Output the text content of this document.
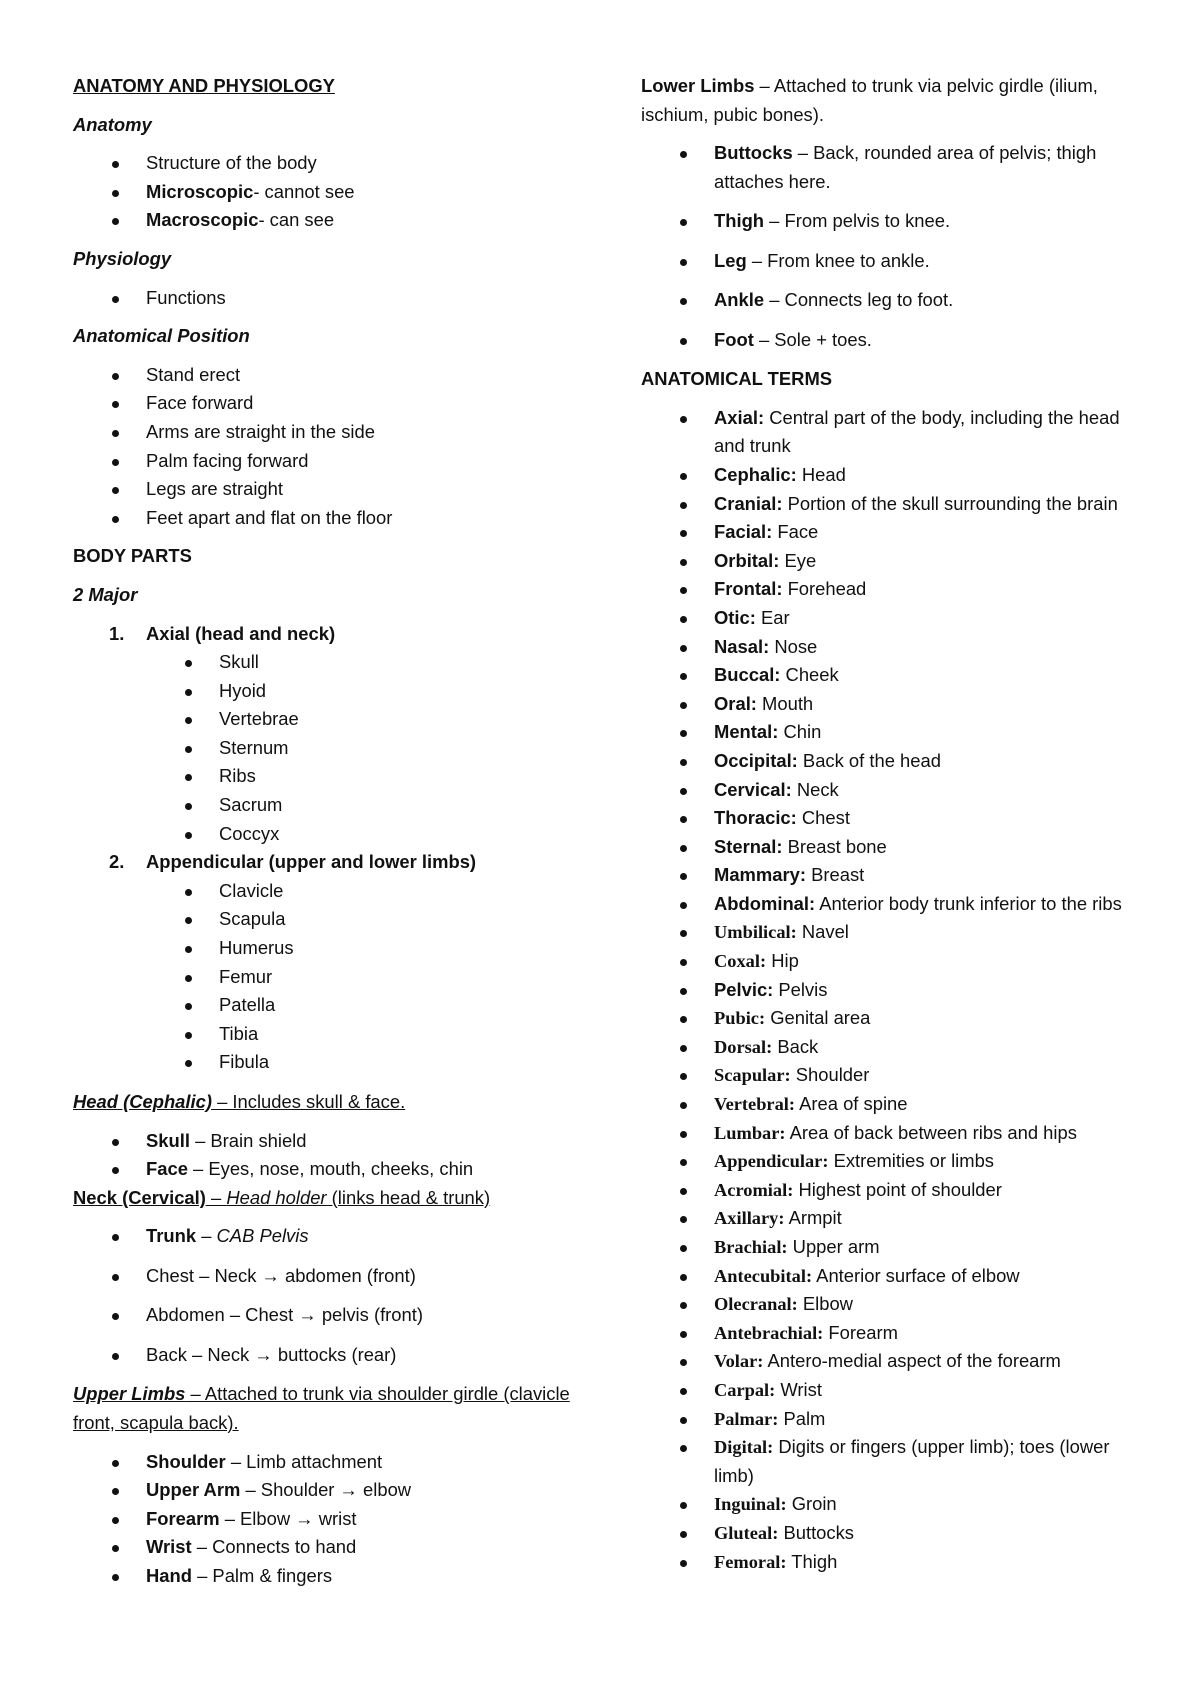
ANATOMY AND PHYSIOLOGY

Anatomy

Structure of the body
Microscopic- cannot see
Macroscopic- can see

Physiology

Functions

Anatomical Position

Stand erect
Face forward
Arms are straight in the side
Palm facing forward
Legs are straight
Feet apart and flat on the floor

BODY PARTS

2 Major

1. Axial (head and neck)
Skull
Hyoid
Vertebrae
Sternum
Ribs
Sacrum
Coccyx
2. Appendicular (upper and lower limbs)
Clavicle
Scapula
Humerus
Femur
Patella
Tibia
Fibula

Head (Cephalic) – Includes skull & face.

Skull – Brain shield
Face – Eyes, nose, mouth, cheeks, chin

Neck (Cervical) – Head holder (links head & trunk)

Trunk – CAB Pelvis
Chest – Neck → abdomen (front)
Abdomen – Chest → pelvis (front)
Back – Neck → buttocks (rear)

Upper Limbs – Attached to trunk via shoulder girdle (clavicle front, scapula back).

Shoulder – Limb attachment
Upper Arm – Shoulder → elbow
Forearm – Elbow → wrist
Wrist – Connects to hand
Hand – Palm & fingers

Lower Limbs – Attached to trunk via pelvic girdle (ilium, ischium, pubic bones).

Buttocks – Back, rounded area of pelvis; thigh attaches here.
Thigh – From pelvis to knee.
Leg – From knee to ankle.
Ankle – Connects leg to foot.
Foot – Sole + toes.

ANATOMICAL TERMS

Axial: Central part of the body, including the head and trunk
Cephalic: Head
Cranial: Portion of the skull surrounding the brain
Facial: Face
Orbital: Eye
Frontal: Forehead
Otic: Ear
Nasal: Nose
Buccal: Cheek
Oral: Mouth
Mental: Chin
Occipital: Back of the head
Cervical: Neck
Thoracic: Chest
Sternal: Breast bone
Mammary: Breast
Abdominal: Anterior body trunk inferior to the ribs
Umbilical: Navel
Coxal: Hip
Pelvic: Pelvis
Pubic: Genital area
Dorsal: Back
Scapular: Shoulder
Vertebral: Area of spine
Lumbar: Area of back between ribs and hips
Appendicular: Extremities or limbs
Acromial: Highest point of shoulder
Axillary: Armpit
Brachial: Upper arm
Antecubital: Anterior surface of elbow
Olecranal: Elbow
Antebrachial: Forearm
Volar: Antero-medial aspect of the forearm
Carpal: Wrist
Palmar: Palm
Digital: Digits or fingers (upper limb); toes (lower limb)
Inguinal: Groin
Gluteal: Buttocks
Femoral: Thigh
